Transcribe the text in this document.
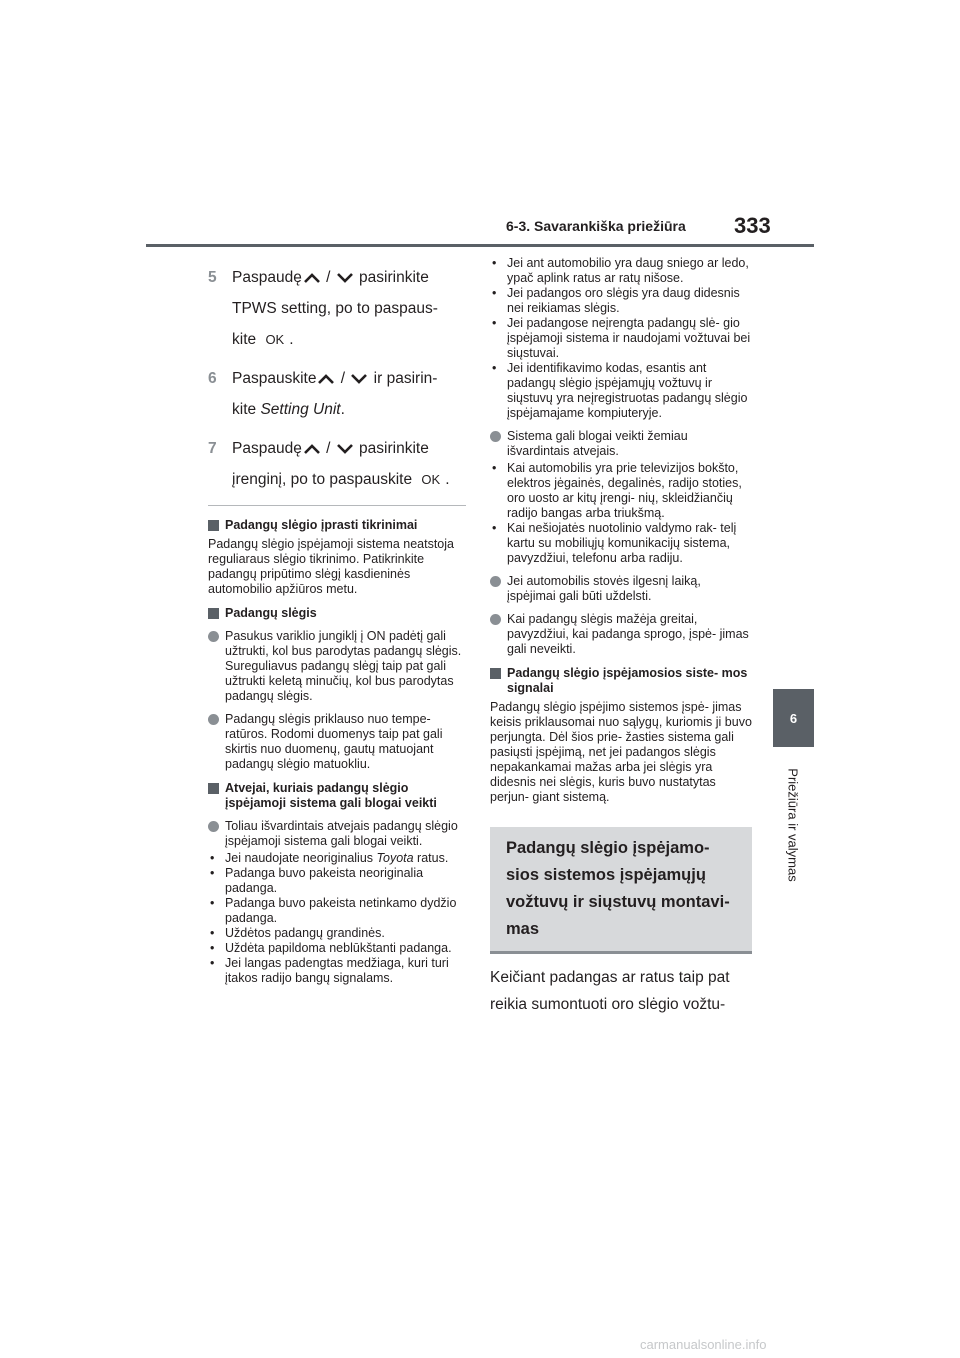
6-3. Savarankiška priežiūra 333
6
Priežiūra ir valymas
5 Paspaudę
/
pasirinkite
TPWS setting, po to paspaus-
kite OK .
6 Paspauskite
/
ir pasirin-
kite Setting Unit.
7 Paspaudę
/
pasirinkite
įrenginį, po to paspauskite OK .
Padangų slėgio įprasti tikrinimai
Padangų slėgio įspėjamoji sistema neatstoja reguliaraus slėgio tikrinimo. Patikrinkite padangų pripūtimo slėgį kasdieninės automobilio apžiūros metu.
Padangų slėgis
Pasukus variklio jungiklį į ON padėtį gali užtrukti, kol bus parodytas padangų slėgis. Sureguliavus padangų slėgį taip pat gali užtrukti keletą minučių, kol bus parodytas padangų slėgis.
Padangų slėgis priklauso nuo tempe- ratūros. Rodomi duomenys taip pat gali skirtis nuo duomenų, gautų matuojant padangų slėgio matuokliu.
Atvejai, kuriais padangų slėgio įspėjamoji sistema gali blogai veikti
Toliau išvardintais atvejais padangų slėgio įspėjamoji sistema gali blogai veikti.
• Jei naudojate neoriginalius Toyota ratus.
• Padanga buvo pakeista neoriginalia padanga.
• Padanga buvo pakeista netinkamo dydžio padanga.
• Uždėtos padangų grandinės.
• Uždėta papildoma neblūkštanti padanga.
• Jei langas padengtas medžiaga, kuri turi įtakos radijo bangų signalams.
• Jei ant automobilio yra daug sniego ar ledo, ypač aplink ratus ar ratų nišose.
• Jei padangos oro slėgis yra daug didesnis nei reikiamas slėgis.
• Jei padangose neįrengta padangų slė- gio įspėjamoji sistema ir naudojami vožtuvai bei siųstuvai.
• Jei identifikavimo kodas, esantis ant padangų slėgio įspėjamųjų vožtuvų ir siųstuvų yra neįregistruotas padangų slėgio įspėjamajame kompiuteryje.
Sistema gali blogai veikti žemiau išvardintais atvejais.
• Kai automobilis yra prie televizijos bokšto, elektros jėgainės, degalinės, radijo stoties, oro uosto ar kitų įrengi- nių, skleidžiančių radijo bangas arba triukšmą.
• Kai nešiojatės nuotolinio valdymo rak- telį kartu su mobiliųjų komunikacijų sistema, pavyzdžiui, telefonu arba radiju.
Jei automobilis stovės ilgesnį laiką, įspėjimai gali būti uždelsti.
Kai padangų slėgis mažėja greitai, pavyzdžiui, kai padanga sprogo, įspė- jimas gali neveikti.
Padangų slėgio įspėjamosios siste- mos signalai
Padangų slėgio įspėjimo sistemos įspė- jimas keisis priklausomai nuo sąlygų, kuriomis ji buvo perjungta. Dėl šios prie- žasties sistema gali pasiųsti įspėjimą, net jei padangos slėgis nepakankamai mažas arba jei slėgis yra didesnis nei slėgis, kuris buvo nustatytas perjun- giant sistemą.
Padangų slėgio įspėjamo-
sios sistemos įspėjamųjų
vožtuvų ir siųstuvų montavi-
mas
Keičiant padangas ar ratus taip pat reikia sumontuoti oro slėgio vožtu-
carmanualsonline.info
